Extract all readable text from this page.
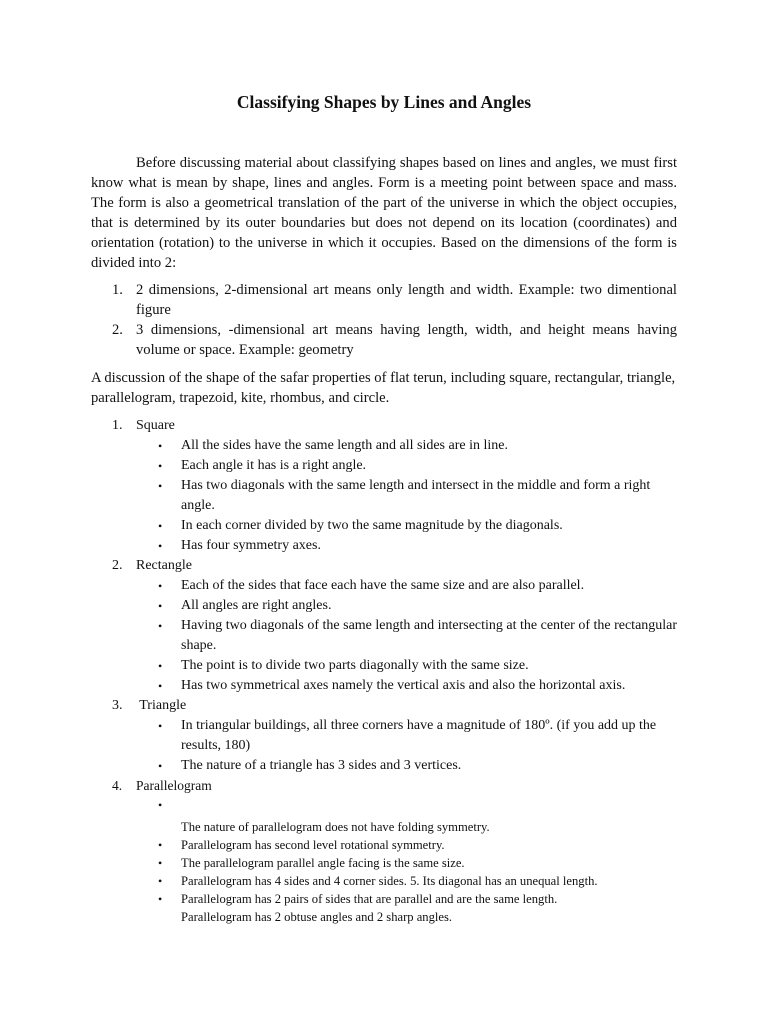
Classifying Shapes by Lines and Angles

Before discussing material about classifying shapes based on lines and angles, we must first know what is mean by shape, lines and angles. Form is a meeting point between space and mass. The form is also a geometrical translation of the part of the universe in which the object occupies, that is determined by its outer boundaries but does not depend on its location (coordinates) and orientation (rotation) to the universe in which it occupies. Based on the dimensions of the form is divided into 2:

1. 2 dimensions, 2-dimensional art means only length and width. Example: two dimentional figure
2. 3 dimensions, -dimensional art means having length, width, and height means having volume or space. Example: geometry

A discussion of the shape of the safar properties of flat terun, including square, rectangular, triangle, parallelogram, trapezoid, kite, rhombus, and circle.

1. Square
• All the sides have the same length and all sides are in line.
• Each angle it has is a right angle.
• Has two diagonals with the same length and intersect in the middle and form a right angle.
• In each corner divided by two the same magnitude by the diagonals.
• Has four symmetry axes.
2. Rectangle
• Each of the sides that face each have the same size and are also parallel.
• All angles are right angles.
• Having two diagonals of the same length and intersecting at the center of the rectangular shape.
• The point is to divide two parts diagonally with the same size.
• Has two symmetrical axes namely the vertical axis and also the horizontal axis.
3. Triangle
• In triangular buildings, all three corners have a magnitude of 180º. (if you add up the results, 180)
• The nature of a triangle has 3 sides and 3 vertices.
4. Parallelogram
•
The nature of parallelogram does not have folding symmetry.
• Parallelogram has second level rotational symmetry.
• The parallelogram parallel angle facing is the same size.
• Parallelogram has 4 sides and 4 corner sides. 5. Its diagonal has an unequal length.
• Parallelogram has 2 pairs of sides that are parallel and are the same length.
Parallelogram has 2 obtuse angles and 2 sharp angles.
